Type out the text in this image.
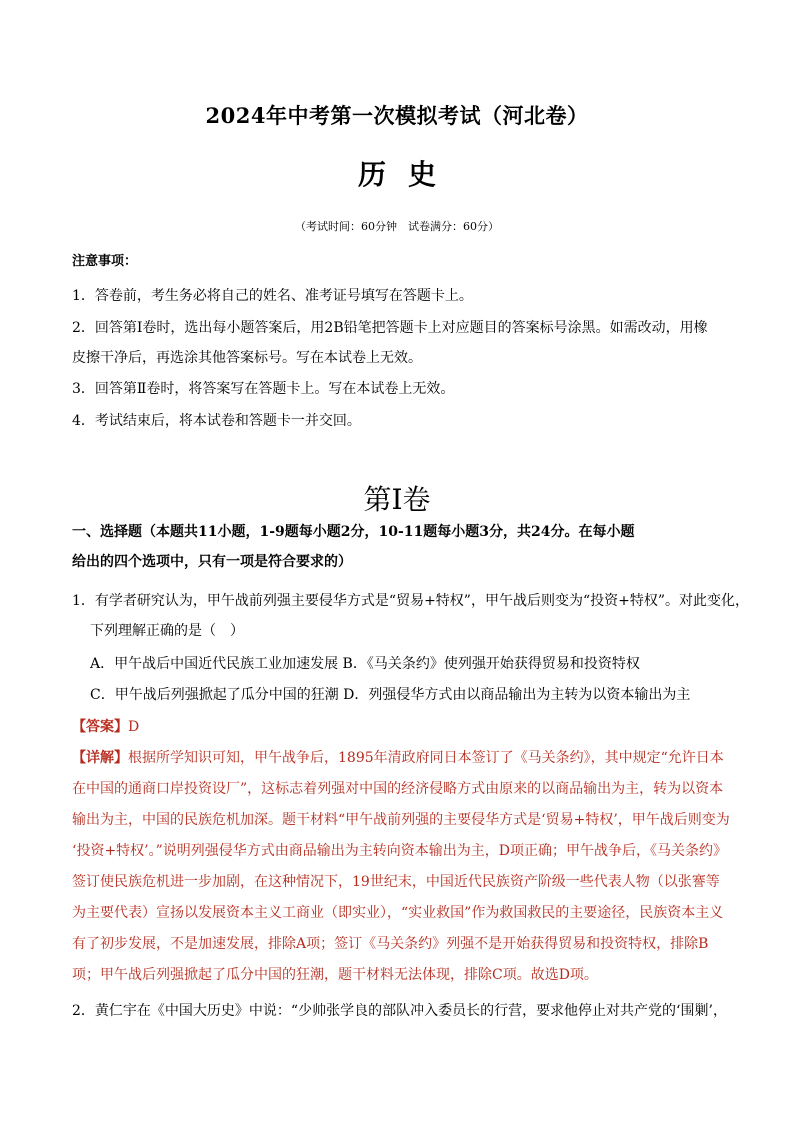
2024年中考第一次模拟考试（河北卷）
历史
（考试时间：60分钟　试卷满分：60分）
注意事项：
1．答卷前，考生务必将自己的姓名、准考证号填写在答题卡上。
2．回答第Ⅰ卷时，选出每小题答案后，用2B铅笔把答题卡上对应题目的答案标号涂黑。如需改动，用橡
皮擦干净后，再选涂其他答案标号。写在本试卷上无效。
3．回答第Ⅱ卷时，将答案写在答题卡上。写在本试卷上无效。
4．考试结束后，将本试卷和答题卡一并交回。
第Ⅰ卷
一、选择题（本题共11小题，1-9题每小题2分，10-11题每小题3分，共24分。在每小题
给出的四个选项中，只有一项是符合要求的）
1．有学者研究认为，甲午战前列强主要侵华方式是“贸易+特权”，甲午战后则变为“投资+特权”。对此变化，
下列理解正确的是（　）
A．甲午战后中国近代民族工业加速发展 B．《马关条约》使列强开始获得贸易和投资特权
C．甲午战后列强掀起了瓜分中国的狂潮 D．列强侵华方式由以商品输出为主转为以资本输出为主
【答案】D
【详解】根据所学知识可知，甲午战争后，1895年清政府同日本签订了《马关条约》，其中规定“允许日本
在中国的通商口岸投资设厂”，这标志着列强对中国的经济侵略方式由原来的以商品输出为主，转为以资本
输出为主，中国的民族危机加深。题干材料“甲午战前列强的主要侵华方式是‘贸易+特权’，甲午战后则变为
‘投资+特权’。”说明列强侵华方式由商品输出为主转向资本输出为主，D项正确；甲午战争后，《马关条约》
签订使民族危机进一步加剧，在这种情况下，19世纪末，中国近代民族资产阶级一些代表人物（以张謇等
为主要代表）宣扬以发展资本主义工商业（即实业），“实业救国”作为救国救民的主要途径，民族资本主义
有了初步发展，不是加速发展，排除A项；签订《马关条约》列强不是开始获得贸易和投资特权，排除B
项；甲午战后列强掀起了瓜分中国的狂潮，题干材料无法体现，排除C项。故选D项。
2．黄仁宇在《中国大历史》中说：“少帅张学良的部队冲入委员长的行营，要求他停止对共产党的‘围剿’，
